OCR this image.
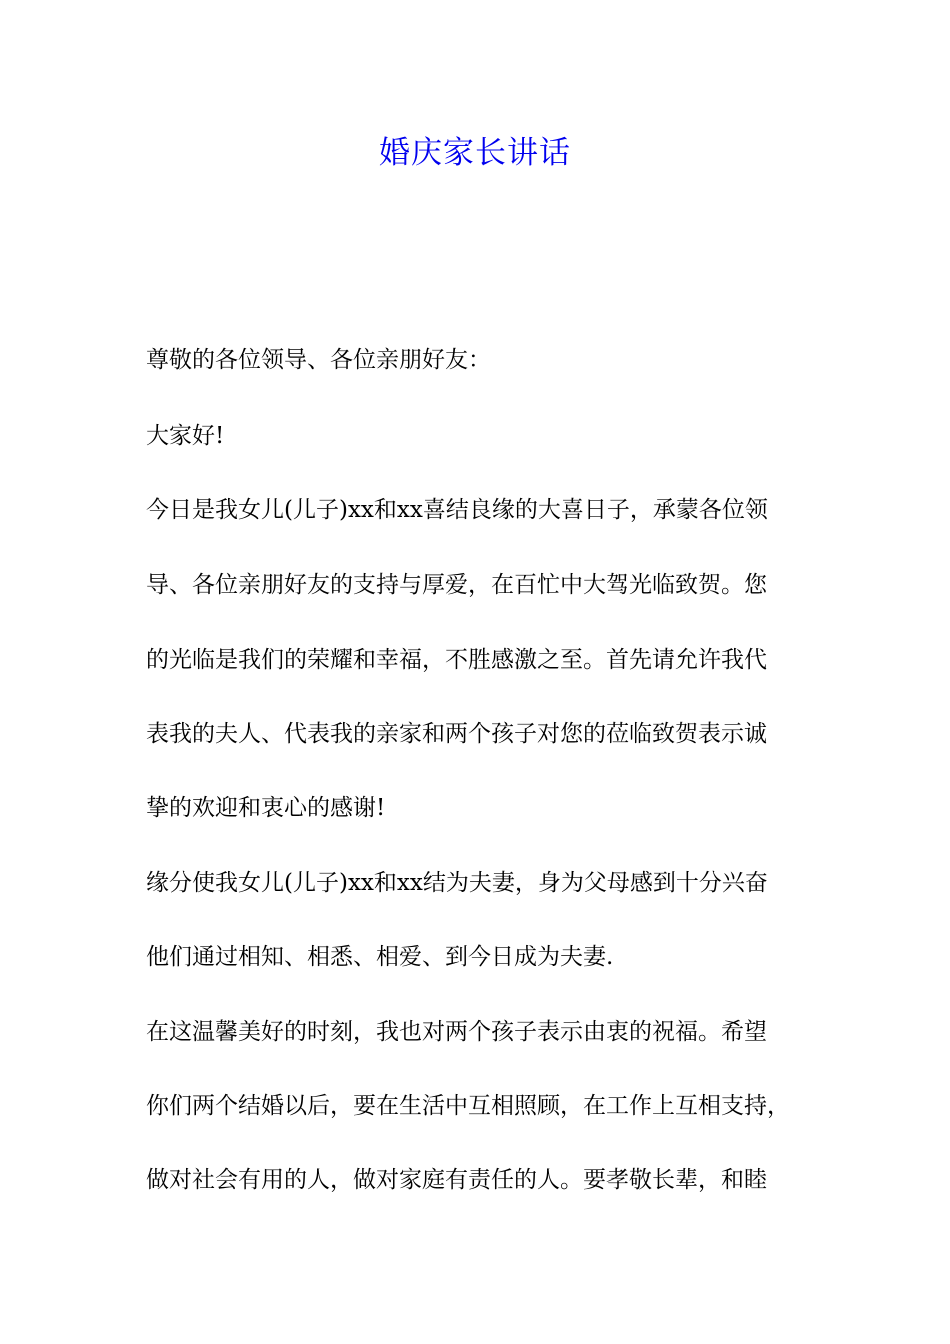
婚庆家长讲话
尊敬的各位领导、各位亲朋好友：
大家好!
今日是我女儿(儿子)xx和xx喜结良缘的大喜日子，承蒙各位领
导、各位亲朋好友的支持与厚爱，在百忙中大驾光临致贺。您
的光临是我们的荣耀和幸福，不胜感激之至。首先请允许我代
表我的夫人、代表我的亲家和两个孩子对您的莅临致贺表示诚
挚的欢迎和衷心的感谢!
缘分使我女儿(儿子)xx和xx结为夫妻，身为父母感到十分兴奋
他们通过相知、相悉、相爱、到今日成为夫妻.
在这温馨美好的时刻，我也对两个孩子表示由衷的祝福。希望
你们两个结婚以后，要在生活中互相照顾，在工作上互相支持，
做对社会有用的人，做对家庭有责任的人。要孝敬长辈，和睦
